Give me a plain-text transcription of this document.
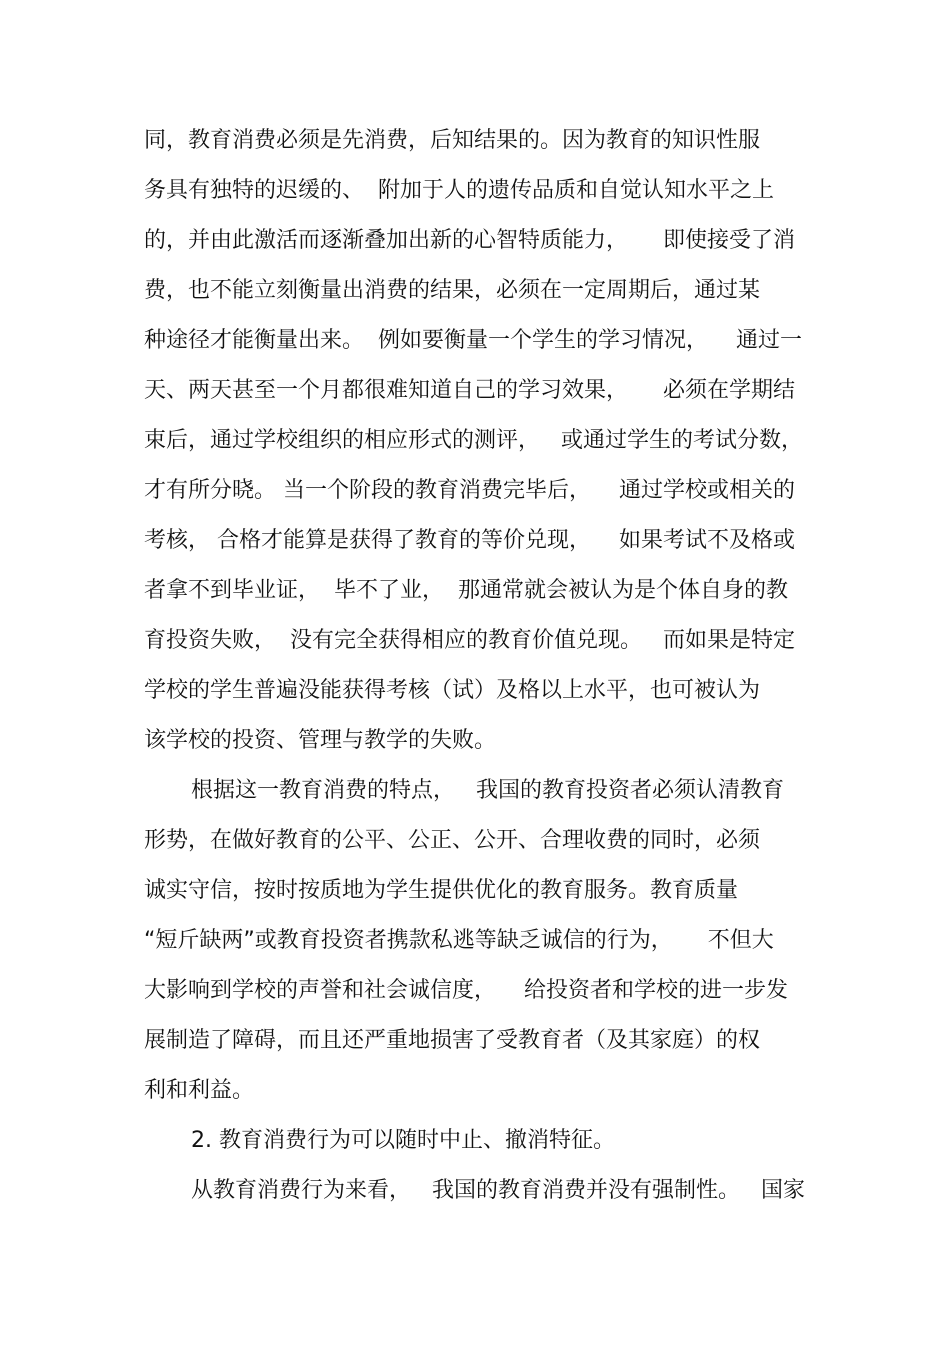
同，教育消费必须是先消费，后知结果的。因为教育的知识性服
务具有独特的迟缓的、  附加于人的遗传品质和自觉认知水平之上
的，并由此激活而逐渐叠加出新的心智特质能力，     即使接受了消
费，也不能立刻衡量出消费的结果，必须在一定周期后，通过某
种途径才能衡量出来。  例如要衡量一个学生的学习情况，    通过一
天、两天甚至一个月都很难知道自己的学习效果，     必须在学期结
束后，通过学校组织的相应形式的测评，   或通过学生的考试分数，
才有所分晓。 当一个阶段的教育消费完毕后，    通过学校或相关的
考核， 合格才能算是获得了教育的等价兑现，    如果考试不及格或
者拿不到毕业证，  毕不了业，  那通常就会被认为是个体自身的教
育投资失败，  没有完全获得相应的教育价值兑现。   而如果是特定
学校的学生普遍没能获得考核（试）及格以上水平，也可被认为
该学校的投资、管理与教学的失败。
根据这一教育消费的特点，   我国的教育投资者必须认清教育
形势，在做好教育的公平、公正、公开、合理收费的同时，必须
诚实守信，按时按质地为学生提供优化的教育服务。教育质量
“短斤缺两”或教育投资者携款私逃等缺乏诚信的行为，     不但大
大影响到学校的声誉和社会诚信度，    给投资者和学校的进一步发
展制造了障碍，而且还严重地损害了受教育者（及其家庭）的权
利和利益。
2. 教育消费行为可以随时中止、撤消特征。
从教育消费行为来看，   我国的教育消费并没有强制性。   国家
